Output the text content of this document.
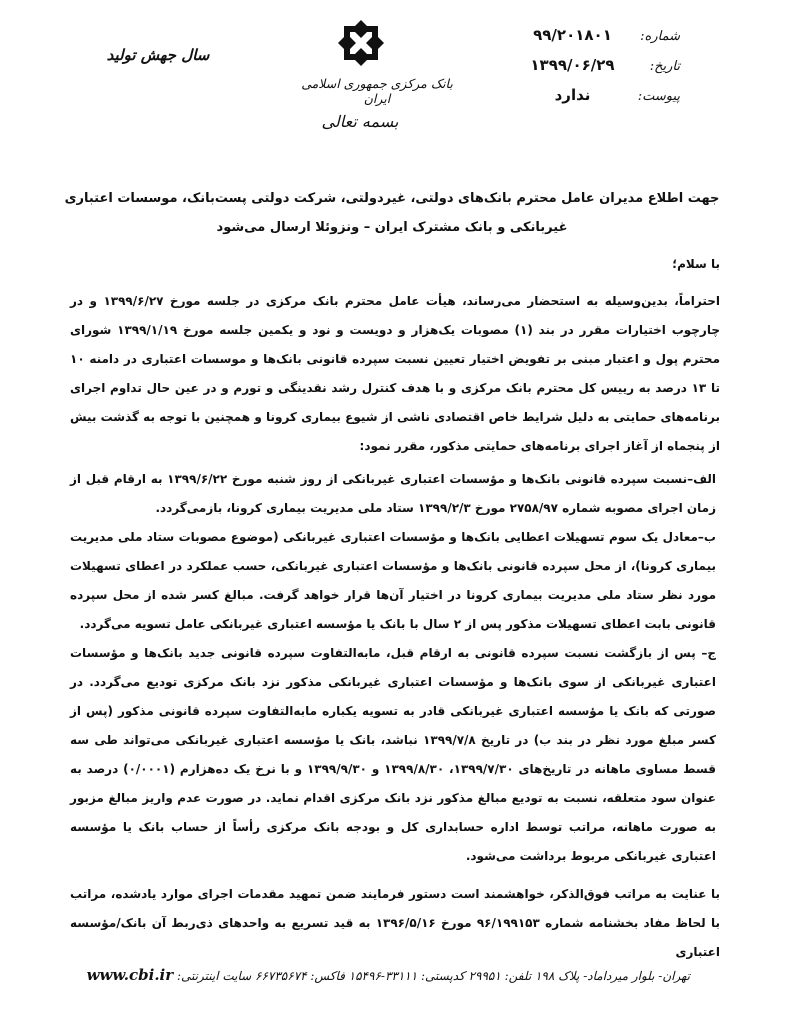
سال جهش تولید
بانک مرکزی جمهوری اسلامی ایران
بسمه تعالی
شماره:
۹۹/۲۰۱۸۰۱
تاریخ:
۱۳۹۹/۰۶/۲۹
پیوست:
ندارد

جهت اطلاع مدیران عامل محترم بانک‌های دولتی، غیردولتی، شرکت دولتی پست‌بانک، موسسات اعتباری

غیربانکی و بانک مشترک ایران – ونزوئلا ارسال می‌شود

با سلام؛
احتراماً، بدین‌وسیله به استحضار می‌رساند، هیأت عامل محترم بانک مرکزی در جلسه مورخ ۱۳۹۹/۶/۲۷ و در چارچوب اختیارات مقرر در بند (۱) مصوبات یک‌هزار و دویست و نود و یکمین جلسه مورخ ۱۳۹۹/۱/۱۹ شورای محترم پول و اعتبار مبنی بر تفویض اختیار تعیین نسبت سپرده قانونی بانک‌ها و موسسات اعتباری در دامنه ۱۰ تا ۱۳ درصد به رییس کل محترم بانک مرکزی و با هدف کنترل رشد نقدینگی و تورم و در عین حال تداوم اجرای برنامه‌های حمایتی به دلیل شرایط خاص اقتصادی ناشی از شیوع بیماری کرونا و همچنین با توجه به گذشت بیش از پنجماه از آغاز اجرای برنامه‌های حمایتی مذکور، مقرر نمود:

الف–نسبت سپرده قانونی بانک‌ها و مؤسسات اعتباری غیربانکی از روز شنبه مورخ ۱۳۹۹/۶/۲۲ به ارقام قبل از زمان اجرای مصوبه شماره ۲۷۵۸/۹۷ مورخ ۱۳۹۹/۲/۳ ستاد ملی مدیریت بیماری کرونا، بازمی‌گردد.

ب–معادل یک سوم تسهیلات اعطایی بانک‌ها و مؤسسات اعتباری غیربانکی (موضوع مصوبات ستاد ملی مدیریت بیماری کرونا)، از محل سپرده قانونی بانک‌ها و مؤسسات اعتباری غیربانکی، حسب عملکرد در اعطای تسهیلات مورد نظر ستاد ملی مدیریت بیماری کرونا در اختیار آن‌ها قرار خواهد گرفت. مبالغ کسر شده از محل سپرده قانونی بابت اعطای تسهیلات مذکور پس از ۲ سال با بانک یا مؤسسه اعتباری غیربانکی عامل تسویه می‌گردد.

ج– پس از بازگشت نسبت سپرده قانونی به ارقام قبل، مابه‌التفاوت سپرده قانونی جدید بانک‌ها و مؤسسات اعتباری غیربانکی از سوی بانک‌ها و مؤسسات اعتباری غیربانکی مذکور نزد بانک مرکزی تودیع می‌گردد. در صورتی که بانک یا مؤسسه اعتباری غیربانکی قادر به تسویه یکباره مابه‌التفاوت سپرده قانونی مذکور (پس از کسر مبلغ مورد نظر در بند ب) در تاریخ ۱۳۹۹/۷/۸ نباشد، بانک یا مؤسسه اعتباری غیربانکی می‌تواند طی سه قسط مساوی ماهانه در تاریخ‌های ۱۳۹۹/۷/۳۰، ۱۳۹۹/۸/۳۰ و ۱۳۹۹/۹/۳۰ و با نرخ یک ده‌هزارم (۰/۰۰۰۱) درصد به عنوان سود متعلقه، نسبت به تودیع مبالغ مذکور نزد بانک مرکزی اقدام نماید. در صورت عدم واریز مبالغ مزبور به صورت ماهانه، مراتب توسط اداره حسابداری کل و بودجه بانک مرکزی رأساً از حساب بانک یا مؤسسه اعتباری غیربانکی مربوط برداشت می‌شود.

با عنایت به مراتب فوق‌الذکر، خواهشمند است دستور فرمایند ضمن تمهید مقدمات اجرای موارد یادشده، مراتب با لحاظ مفاد بخشنامه شماره ۹۶/۱۹۹۱۵۳ مورخ ۱۳۹۶/۵/۱۶ به قید تسریع به واحدهای ذی‌ربط آن بانک/مؤسسه اعتباری
تهران- بلوار میرداماد- پلاک ۱۹۸ تلفن: ۲۹۹۵۱ کدپستی: ۳۳۱۱۱-۱۵۴۹۶ فاکس: ۶۶۷۳۵۶۷۴ سایت اینترنتی: www.cbi.ir
